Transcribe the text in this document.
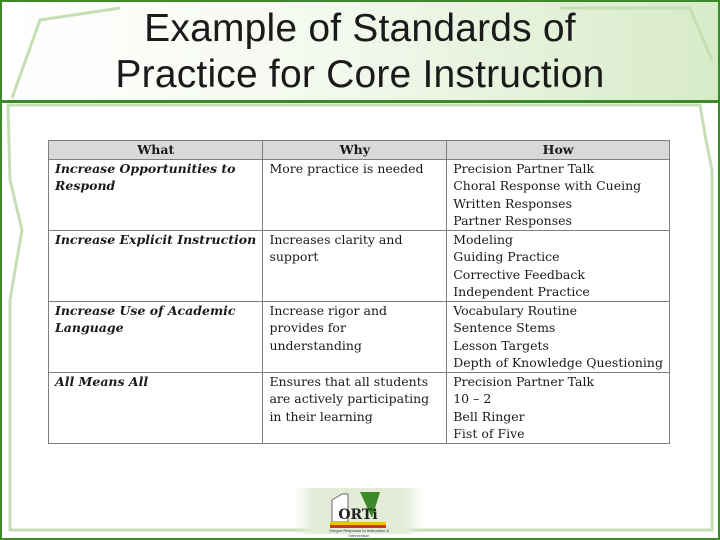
Example of Standards of
Practice for Core Instruction
What	Why	How
Increase Opportunities to Respond	More practice is needed	Precision Partner Talk
Choral Response with Cueing
Written Responses
Partner Responses

Increase Explicit Instruction	Increases clarity and support	Modeling
Guiding Practice
Corrective Feedback
Independent Practice

Increase Use of Academic Language	Increase rigor and provides for understanding	Vocabulary Routine
Sentence Stems
Lesson Targets
Depth of Knowledge Questioning

All Means All	Ensures that all students are actively participating in their learning	Precision Partner Talk
10 – 2
Bell Ringer
Fist of Five
ORTi
Oregon Response to Instruction & Intervention
